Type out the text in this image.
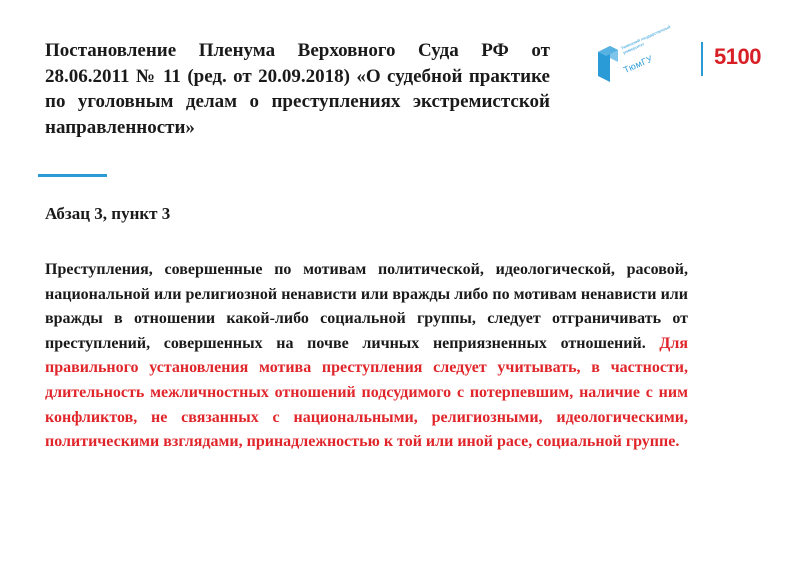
Постановление Пленума Верховного Суда РФ от 28.06.2011 № 11 (ред. от 20.09.2018) «О судебной практике по уголовным делам о преступлениях экстремистской направленности»
Тюменский государственный университет
ТюмГУ	5100
Абзац 3, пункт 3

Преступления, совершенные по мотивам политической, идеологической, расовой, национальной или религиозной ненависти или вражды либо по мотивам ненависти или вражды в отношении какой-либо социальной группы, следует отграничивать от преступлений, совершенных на почве личных неприязненных отношений. Для правильного установления мотива преступления следует учитывать, в частности, длительность межличностных отношений подсудимого с потерпевшим, наличие с ним конфликтов, не связанных с национальными, религиозными, идеологическими, политическими взглядами, принадлежностью к той или иной расе, социальной группе.
